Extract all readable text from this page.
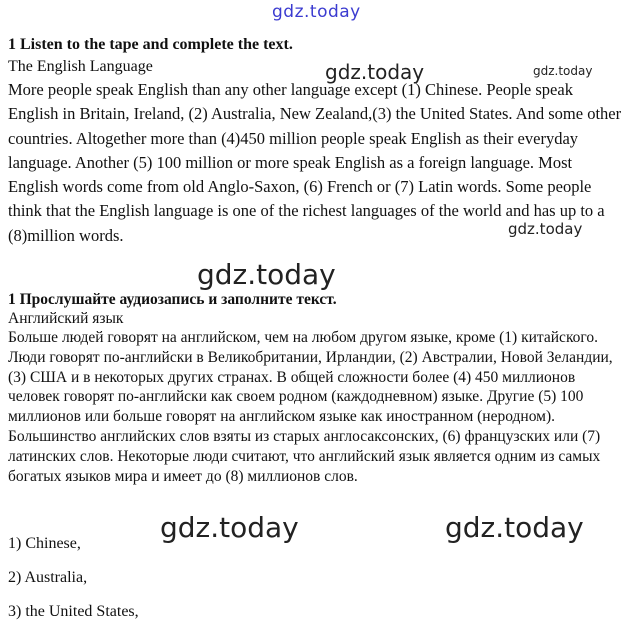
gdz.today
gdz.today	gdz.today
gdz.today
gdz.today
gdz.today	gdz.today
1 Listen to the tape and complete the text.
The English Language

More people speak English than any other language except (1) Chinese. People speak English in Britain, Ireland, (2) Australia, New Zealand,(3) the United States. And some other countries. Altogether more than (4)450 million people speak English as their everyday language. Another (5) 100 million or more speak English as a foreign language. Most English words come from old Anglo-Saxon, (6) French or (7) Latin words. Some people think that the English language is one of the richest languages of the world and has up to a (8)million words.

1 Прослушайте аудиозапись и заполните текст.
Английский язык

Больше людей говорят на английском, чем на любом другом языке, кроме (1) китайского. Люди говорят по-английски в Великобритании, Ирландии, (2) Австралии, Новой Зеландии, (3) США и в некоторых других странах. В общей сложности более (4) 450 миллионов человек говорят по-английски как своем родном (каждодневном) языке. Другие (5) 100 миллионов или больше говорят на английском языке как иностранном (неродном). Большинство английских слов взяты из старых англосаксонских, (6) французских или (7) латинских слов. Некоторые люди считают, что английский язык является одним из самых богатых языков мира и имеет до (8) миллионов слов.

1) Chinese,
2) Australia,
3) the United States,
